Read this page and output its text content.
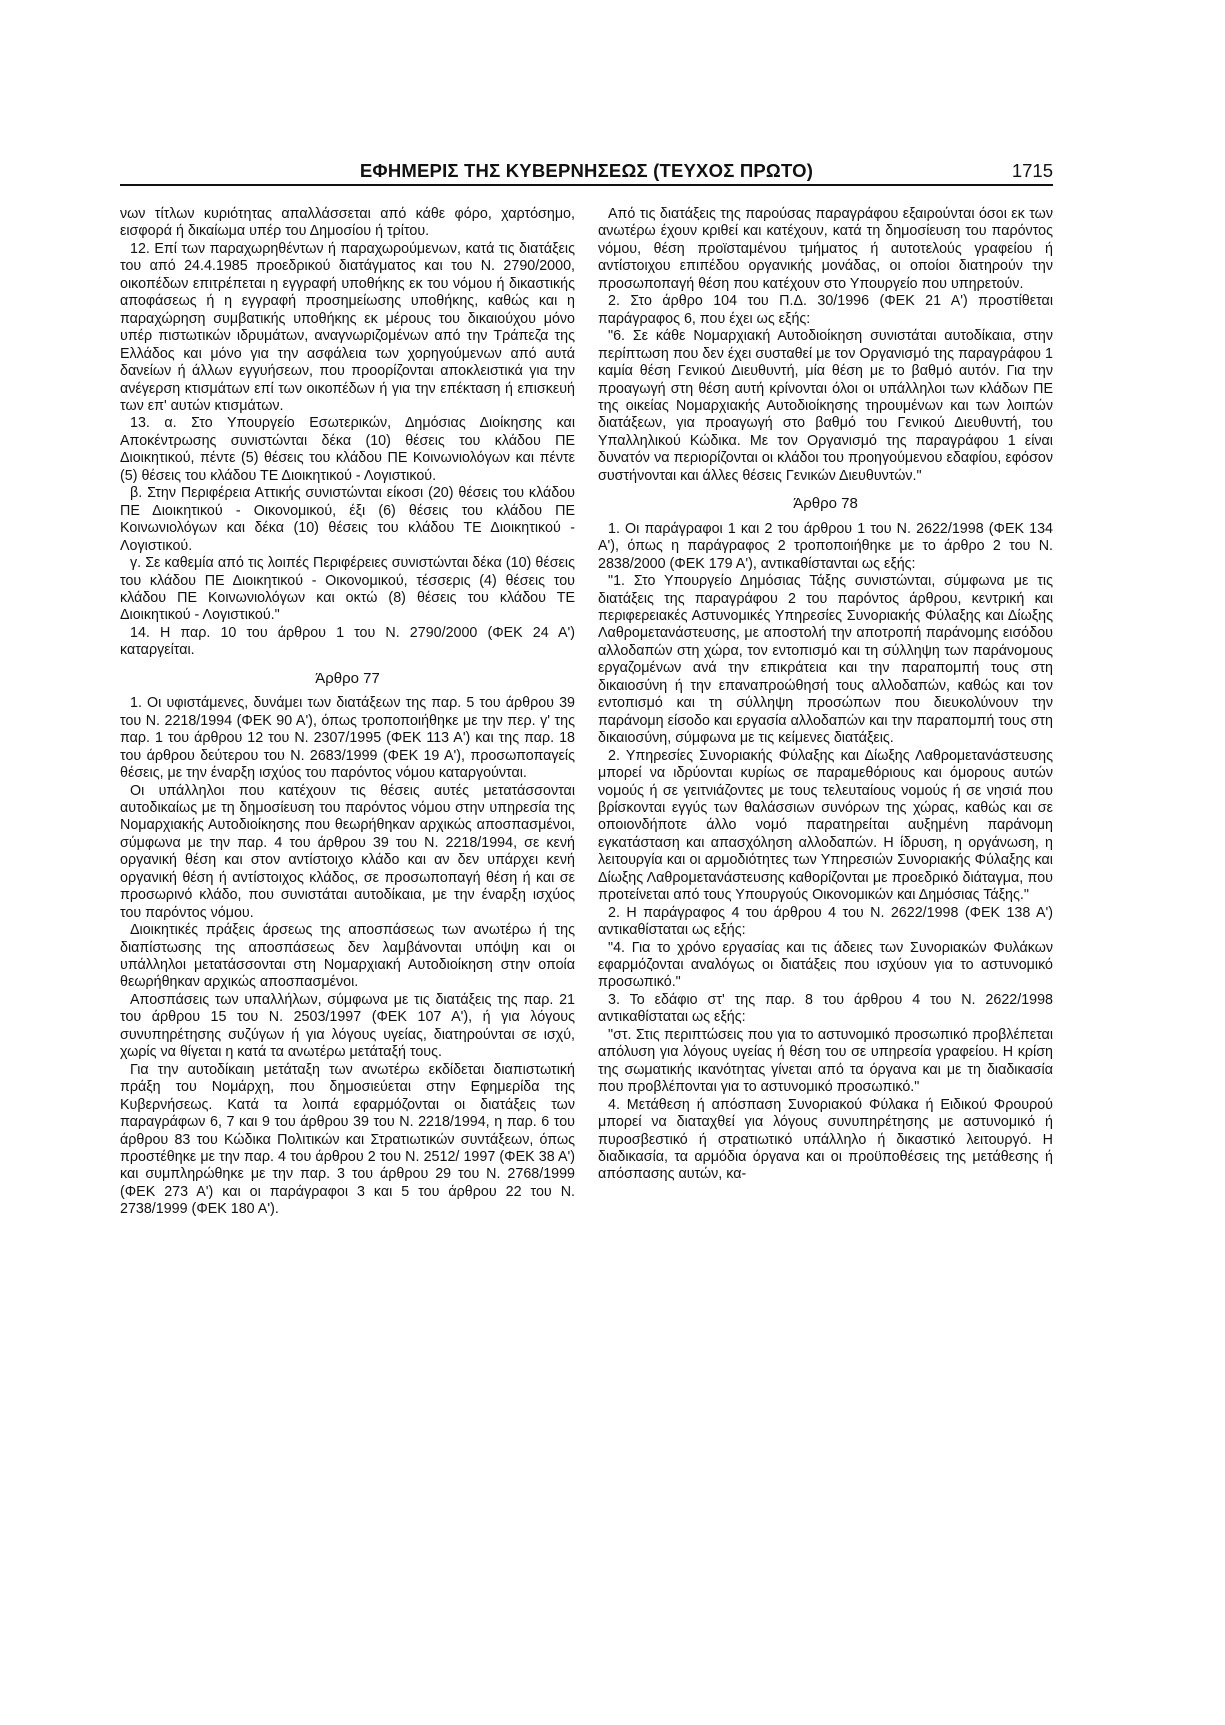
ΕΦΗΜΕΡΙΣ ΤΗΣ ΚΥΒΕΡΝΗΣΕΩΣ (ΤΕΥΧΟΣ ΠΡΩΤΟ)	1715

νων τίτλων κυριότητας απαλλάσσεται από κάθε φόρο, χαρτόσημο, εισφορά ή δικαίωμα υπέρ του Δημοσίου ή τρίτου.

12. Επί των παραχωρηθέντων ή παραχωρούμενων, κατά τις διατάξεις του από 24.4.1985 προεδρικού διατάγματος και του Ν. 2790/2000, οικοπέδων επιτρέπεται η εγγραφή υποθήκης εκ του νόμου ή δικαστικής αποφάσεως ή η εγγραφή προσημείωσης υποθήκης, καθώς και η παραχώρηση συμβατικής υποθήκης εκ μέρους του δικαιούχου μόνο υπέρ πιστωτικών ιδρυμάτων, αναγνωριζομένων από την Τράπεζα της Ελλάδος και μόνο για την ασφάλεια των χορηγούμενων από αυτά δανείων ή άλλων εγγυήσεων, που προορίζονται αποκλειστικά για την ανέγερση κτισμάτων επί των οικοπέδων ή για την επέκταση ή επισκευή των επ' αυτών κτισμάτων.

13. α. Στο Υπουργείο Εσωτερικών, Δημόσιας Διοίκησης και Αποκέντρωσης συνιστώνται δέκα (10) θέσεις του κλάδου ΠΕ Διοικητικού, πέντε (5) θέσεις του κλάδου ΠΕ Κοινωνιολόγων και πέντε (5) θέσεις του κλάδου ΤΕ Διοικητικού - Λογιστικού.

β. Στην Περιφέρεια Αττικής συνιστώνται είκοσι (20) θέσεις του κλάδου ΠΕ Διοικητικού - Οικονομικού, έξι (6) θέσεις του κλάδου ΠΕ Κοινωνιολόγων και δέκα (10) θέσεις του κλάδου ΤΕ Διοικητικού - Λογιστικού.

γ. Σε καθεμία από τις λοιπές Περιφέρειες συνιστώνται δέκα (10) θέσεις του κλάδου ΠΕ Διοικητικού - Οικονομικού, τέσσερις (4) θέσεις του κλάδου ΠΕ Κοινωνιολόγων και οκτώ (8) θέσεις του κλάδου ΤΕ Διοικητικού - Λογιστικού."

14. Η παρ. 10 του άρθρου 1 του Ν. 2790/2000 (ΦΕΚ 24 Α') καταργείται.

Άρθρο 77

1. Οι υφιστάμενες, δυνάμει των διατάξεων της παρ. 5 του άρθρου 39 του Ν. 2218/1994 (ΦΕΚ 90 Α'), όπως τροποποιήθηκε με την περ. γ' της παρ. 1 του άρθρου 12 του Ν. 2307/1995 (ΦΕΚ 113 Α') και της παρ. 18 του άρθρου δεύτερου του Ν. 2683/1999 (ΦΕΚ 19 Α'), προσωποπαγείς θέσεις, με την έναρξη ισχύος του παρόντος νόμου καταργούνται.

Οι υπάλληλοι που κατέχουν τις θέσεις αυτές μετατάσσονται αυτοδικαίως με τη δημοσίευση του παρόντος νόμου στην υπηρεσία της Νομαρχιακής Αυτοδιοίκησης που θεωρήθηκαν αρχικώς αποσπασμένοι, σύμφωνα με την παρ. 4 του άρθρου 39 του Ν. 2218/1994, σε κενή οργανική θέση και στον αντίστοιχο κλάδο και αν δεν υπάρχει κενή οργανική θέση ή αντίστοιχος κλάδος, σε προσωποπαγή θέση ή και σε προσωρινό κλάδο, που συνιστάται αυτοδίκαια, με την έναρξη ισχύος του παρόντος νόμου.

Διοικητικές πράξεις άρσεως της αποσπάσεως των ανωτέρω ή της διαπίστωσης της αποσπάσεως δεν λαμβάνονται υπόψη και οι υπάλληλοι μετατάσσονται στη Νομαρχιακή Αυτοδιοίκηση στην οποία θεωρήθηκαν αρχικώς αποσπασμένοι.

Αποσπάσεις των υπαλλήλων, σύμφωνα με τις διατάξεις της παρ. 21 του άρθρου 15 του Ν. 2503/1997 (ΦΕΚ 107 Α'), ή για λόγους συνυπηρέτησης συζύγων ή για λόγους υγείας, διατηρούνται σε ισχύ, χωρίς να θίγεται η κατά τα ανωτέρω μετάταξή τους.

Για την αυτοδίκαιη μετάταξη των ανωτέρω εκδίδεται διαπιστωτική πράξη του Νομάρχη, που δημοσιεύεται στην Εφημερίδα της Κυβερνήσεως. Κατά τα λοιπά εφαρμόζονται οι διατάξεις των παραγράφων 6, 7 και 9 του άρθρου 39 του Ν. 2218/1994, η παρ. 6 του άρθρου 83 του Κώδικα Πολιτικών και Στρατιωτικών συντάξεων, όπως προστέθηκε με την παρ. 4 του άρθρου 2 του Ν. 2512/ 1997 (ΦΕΚ 38 Α') και συμπληρώθηκε με την παρ. 3 του άρθρου 29 του Ν. 2768/1999 (ΦΕΚ 273 Α') και οι παράγραφοι 3 και 5 του άρθρου 22 του Ν. 2738/1999 (ΦΕΚ 180 Α').

Από τις διατάξεις της παρούσας παραγράφου εξαιρούνται όσοι εκ των ανωτέρω έχουν κριθεί και κατέχουν, κατά τη δημοσίευση του παρόντος νόμου, θέση προϊσταμένου τμήματος ή αυτοτελούς γραφείου ή αντίστοιχου επιπέδου οργανικής μονάδας, οι οποίοι διατηρούν την προσωποπαγή θέση που κατέχουν στο Υπουργείο που υπηρετούν.

2. Στο άρθρο 104 του Π.Δ. 30/1996 (ΦΕΚ 21 Α') προστίθεται παράγραφος 6, που έχει ως εξής:

"6. Σε κάθε Νομαρχιακή Αυτοδιοίκηση συνιστάται αυτοδίκαια, στην περίπτωση που δεν έχει συσταθεί με τον Οργανισμό της παραγράφου 1 καμία θέση Γενικού Διευθυντή, μία θέση με το βαθμό αυτόν. Για την προαγωγή στη θέση αυτή κρίνονται όλοι οι υπάλληλοι των κλάδων ΠΕ της οικείας Νομαρχιακής Αυτοδιοίκησης τηρουμένων και των λοιπών διατάξεων, για προαγωγή στο βαθμό του Γενικού Διευθυντή, του Υπαλληλικού Κώδικα. Με τον Οργανισμό της παραγράφου 1 είναι δυνατόν να περιορίζονται οι κλάδοι του προηγούμενου εδαφίου, εφόσον συστήνονται και άλλες θέσεις Γενικών Διευθυντών."

Άρθρο 78

1. Οι παράγραφοι 1 και 2 του άρθρου 1 του Ν. 2622/1998 (ΦΕΚ 134 Α'), όπως η παράγραφος 2 τροποποιήθηκε με το άρθρο 2 του Ν. 2838/2000 (ΦΕΚ 179 Α'), αντικαθίστανται ως εξής:

"1. Στο Υπουργείο Δημόσιας Τάξης συνιστώνται, σύμφωνα με τις διατάξεις της παραγράφου 2 του παρόντος άρθρου, κεντρική και περιφερειακές Αστυνομικές Υπηρεσίες Συνοριακής Φύλαξης και Δίωξης Λαθρομετανάστευσης, με αποστολή την αποτροπή παράνομης εισόδου αλλοδαπών στη χώρα, τον εντοπισμό και τη σύλληψη των παράνομους εργαζομένων ανά την επικράτεια και την παραπομπή τους στη δικαιοσύνη ή την επαναπροώθησή τους αλλοδαπών, καθώς και τον εντοπισμό και τη σύλληψη προσώπων που διευκολύνουν την παράνομη είσοδο και εργασία αλλοδαπών και την παραπομπή τους στη δικαιοσύνη, σύμφωνα με τις κείμενες διατάξεις.

2. Υπηρεσίες Συνοριακής Φύλαξης και Δίωξης Λαθρομετανάστευσης μπορεί να ιδρύονται κυρίως σε παραμεθόριους και όμορους αυτών νομούς ή σε γειτνιάζοντες με τους τελευταίους νομούς ή σε νησιά που βρίσκονται εγγύς των θαλάσσιων συνόρων της χώρας, καθώς και σε οποιονδήποτε άλλο νομό παρατηρείται αυξημένη παράνομη εγκατάσταση και απασχόληση αλλοδαπών. Η ίδρυση, η οργάνωση, η λειτουργία και οι αρμοδιότητες των Υπηρεσιών Συνοριακής Φύλαξης και Δίωξης Λαθρομετανάστευσης καθορίζονται με προεδρικό διάταγμα, που προτείνεται από τους Υπουργούς Οικονομικών και Δημόσιας Τάξης."

2. Η παράγραφος 4 του άρθρου 4 του Ν. 2622/1998 (ΦΕΚ 138 Α') αντικαθίσταται ως εξής:

"4. Για το χρόνο εργασίας και τις άδειες των Συνοριακών Φυλάκων εφαρμόζονται αναλόγως οι διατάξεις που ισχύουν για το αστυνομικό προσωπικό."

3. Το εδάφιο στ' της παρ. 8 του άρθρου 4 του Ν. 2622/1998 αντικαθίσταται ως εξής:

"στ. Στις περιπτώσεις που για το αστυνομικό προσωπικό προβλέπεται απόλυση για λόγους υγείας ή θέση του σε υπηρεσία γραφείου. Η κρίση της σωματικής ικανότητας γίνεται από τα όργανα και με τη διαδικασία που προβλέπονται για το αστυνομικό προσωπικό."

4. Μετάθεση ή απόσπαση Συνοριακού Φύλακα ή Ειδικού Φρουρού μπορεί να διαταχθεί για λόγους συνυπηρέτησης με αστυνομικό ή πυροσβεστικό ή στρατιωτικό υπάλληλο ή δικαστικό λειτουργό. Η διαδικασία, τα αρμόδια όργανα και οι προϋποθέσεις της μετάθεσης ή απόσπασης αυτών, κα-
